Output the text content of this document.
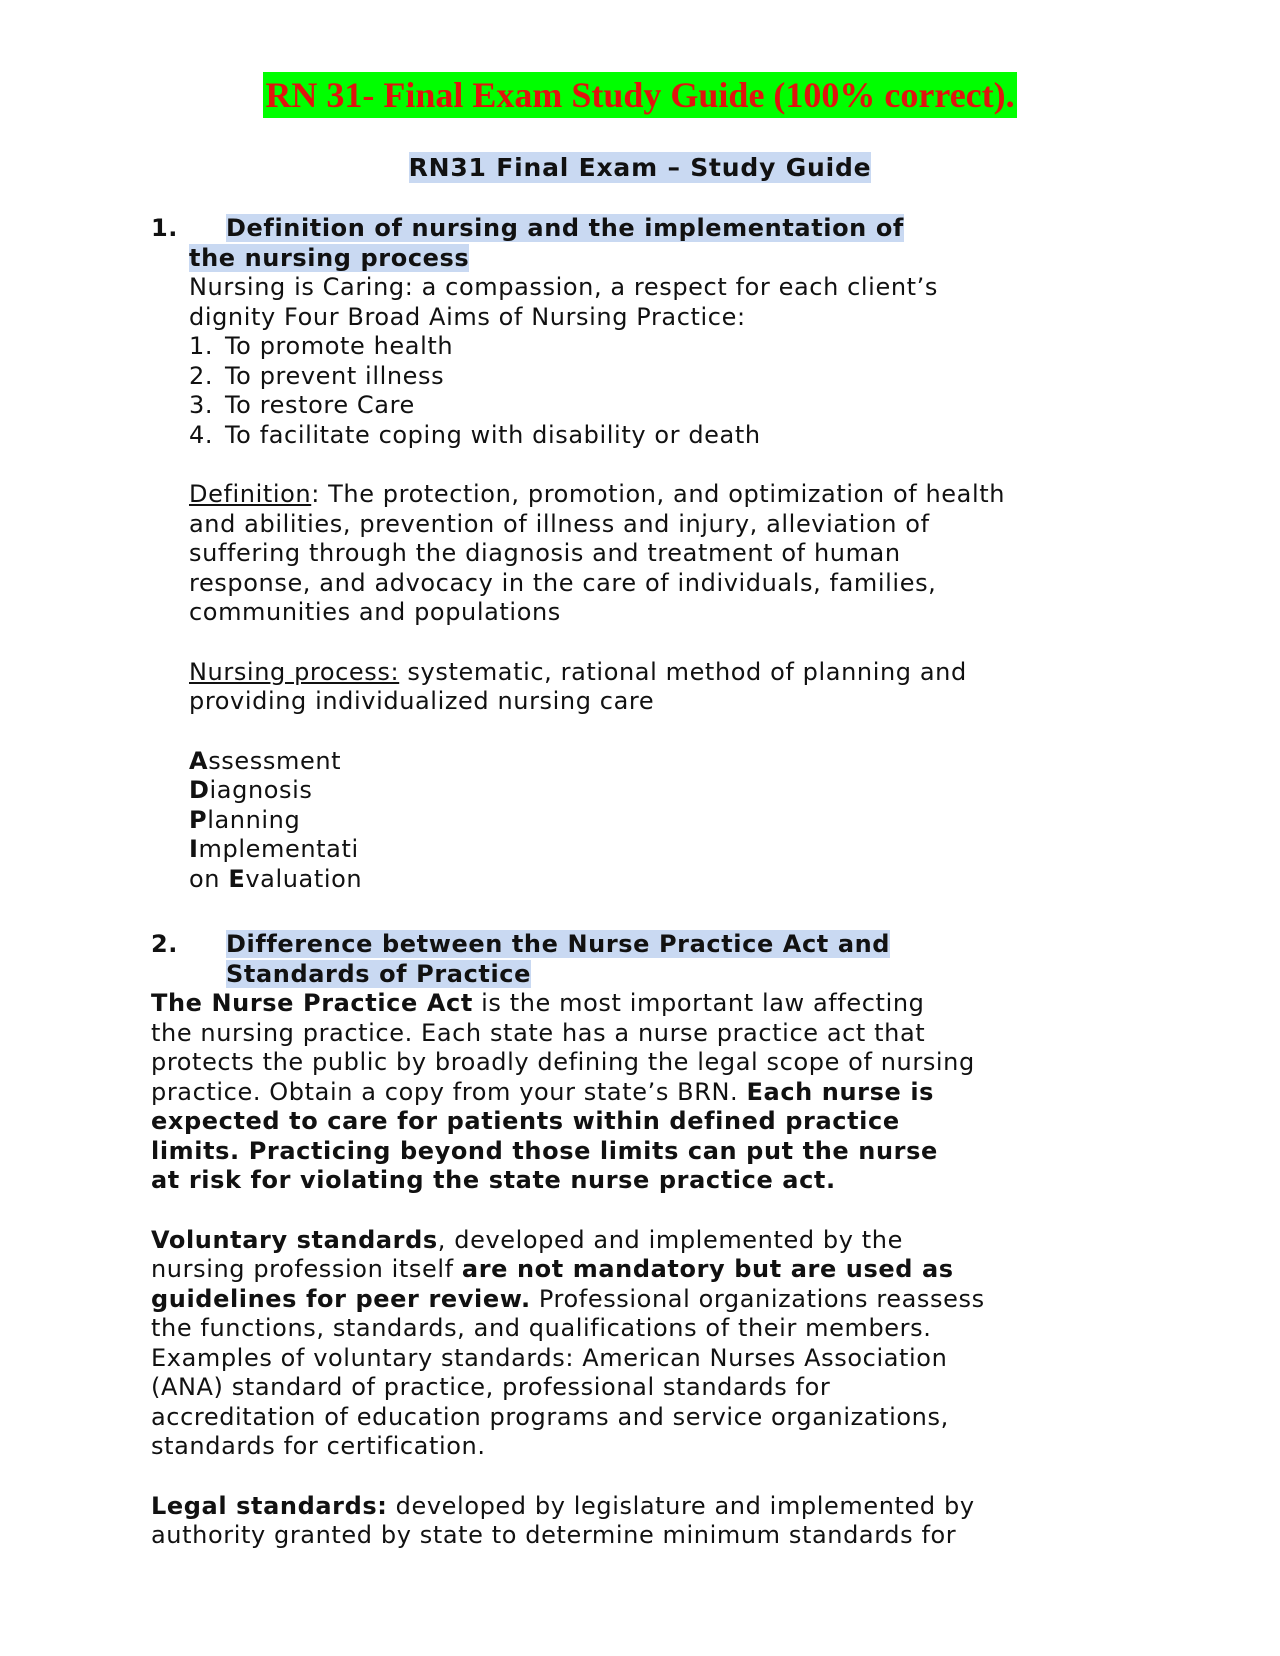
RN 31- Final Exam Study Guide (100% correct).
RN31 Final Exam – Study Guide
1.	Definition of nursing and the implementation of
the nursing process
Nursing is Caring: a compassion, a respect for each client’s
dignity Four Broad Aims of Nursing Practice:
1. To promote health
2. To prevent illness
3. To restore Care
4. To facilitate coping with disability or death
Definition: The protection, promotion, and optimization of health
and abilities, prevention of illness and injury, alleviation of
suffering through the diagnosis and treatment of human
response, and advocacy in the care of individuals, families,
communities and populations
Nursing process: systematic, rational method of planning and
providing individualized nursing care
Assessment
Diagnosis
Planning
Implementati
on Evaluation
2. Difference between the Nurse Practice Act and
Standards of Practice
The Nurse Practice Act is the most important law affecting
the nursing practice. Each state has a nurse practice act that
protects the public by broadly defining the legal scope of nursing
practice. Obtain a copy from your state’s BRN. Each nurse is
expected to care for patients within defined practice
limits. Practicing beyond those limits can put the nurse
at risk for violating the state nurse practice act.
Voluntary standards, developed and implemented by the
nursing profession itself are not mandatory but are used as
guidelines for peer review. Professional organizations reassess
the functions, standards, and qualifications of their members.
Examples of voluntary standards: American Nurses Association
(ANA) standard of practice, professional standards for
accreditation of education programs and service organizations,
standards for certification.
Legal standards: developed by legislature and implemented by
authority granted by state to determine minimum standards for
